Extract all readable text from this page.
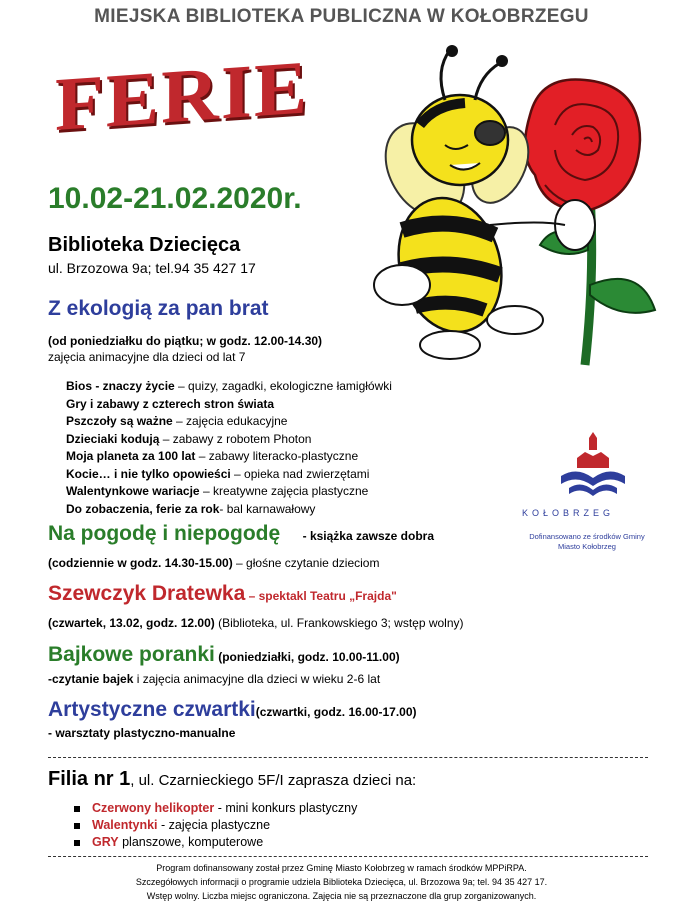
MIEJSKA BIBLIOTEKA PUBLICZNA W KOŁOBRZEGU
FERIE
10.02-21.02.2020r.
Biblioteka Dziecięca
ul. Brzozowa 9a; tel.94 35 427 17
Z ekologią za pan brat
(od poniedziałku do piątku; w godz. 12.00-14.30)
zajęcia animacyjne dla dzieci od lat 7
Bios - znaczy życie – quizy, zagadki, ekologiczne łamigłówki
Gry i zabawy z czterech stron świata
Pszczoły są ważne – zajęcia edukacyjne
Dzieciaki kodują – zabawy z robotem Photon
Moja planeta za 100 lat – zabawy literacko-plastyczne
Kocie… i nie tylko opowieści – opieka nad zwierzętami
Walentynkowe wariacje – kreatywne zajęcia plastyczne
Do zobaczenia, ferie za rok- bal karnawałowy	KOŁOBRZEG
Dofinansowano ze środków Gminy
Miasto Kołobrzeg
Na pogodę i niepogodę - książka zawsze dobra
(codziennie w godz. 14.30-15.00) – głośne czytanie dzieciom
Szewczyk Dratewka – spektakl Teatru „Frajda"
(czwartek, 13.02, godz. 12.00) (Biblioteka, ul. Frankowskiego 3; wstęp wolny)
Bajkowe poranki (poniedziałki, godz. 10.00-11.00)
-czytanie bajek i zajęcia animacyjne dla dzieci w wieku 2-6 lat
Artystyczne czwartki(czwartki, godz. 16.00-17.00)
- warsztaty plastyczno-manualne
Filia nr 1, ul. Czarnieckiego 5F/I zaprasza dzieci na:
Czerwony helikopter - mini konkurs plastyczny
Walentynki - zajęcia plastyczne
GRY planszowe, komputerowe
Program dofinansowany został przez Gminę Miasto Kołobrzeg w ramach środków MPPiRPA.
Szczegółowych informacji o programie udziela Biblioteka Dziecięca, ul. Brzozowa 9a; tel. 94 35 427 17.
Wstęp wolny. Liczba miejsc ograniczona. Zajęcia nie są przeznaczone dla grup zorganizowanych.
